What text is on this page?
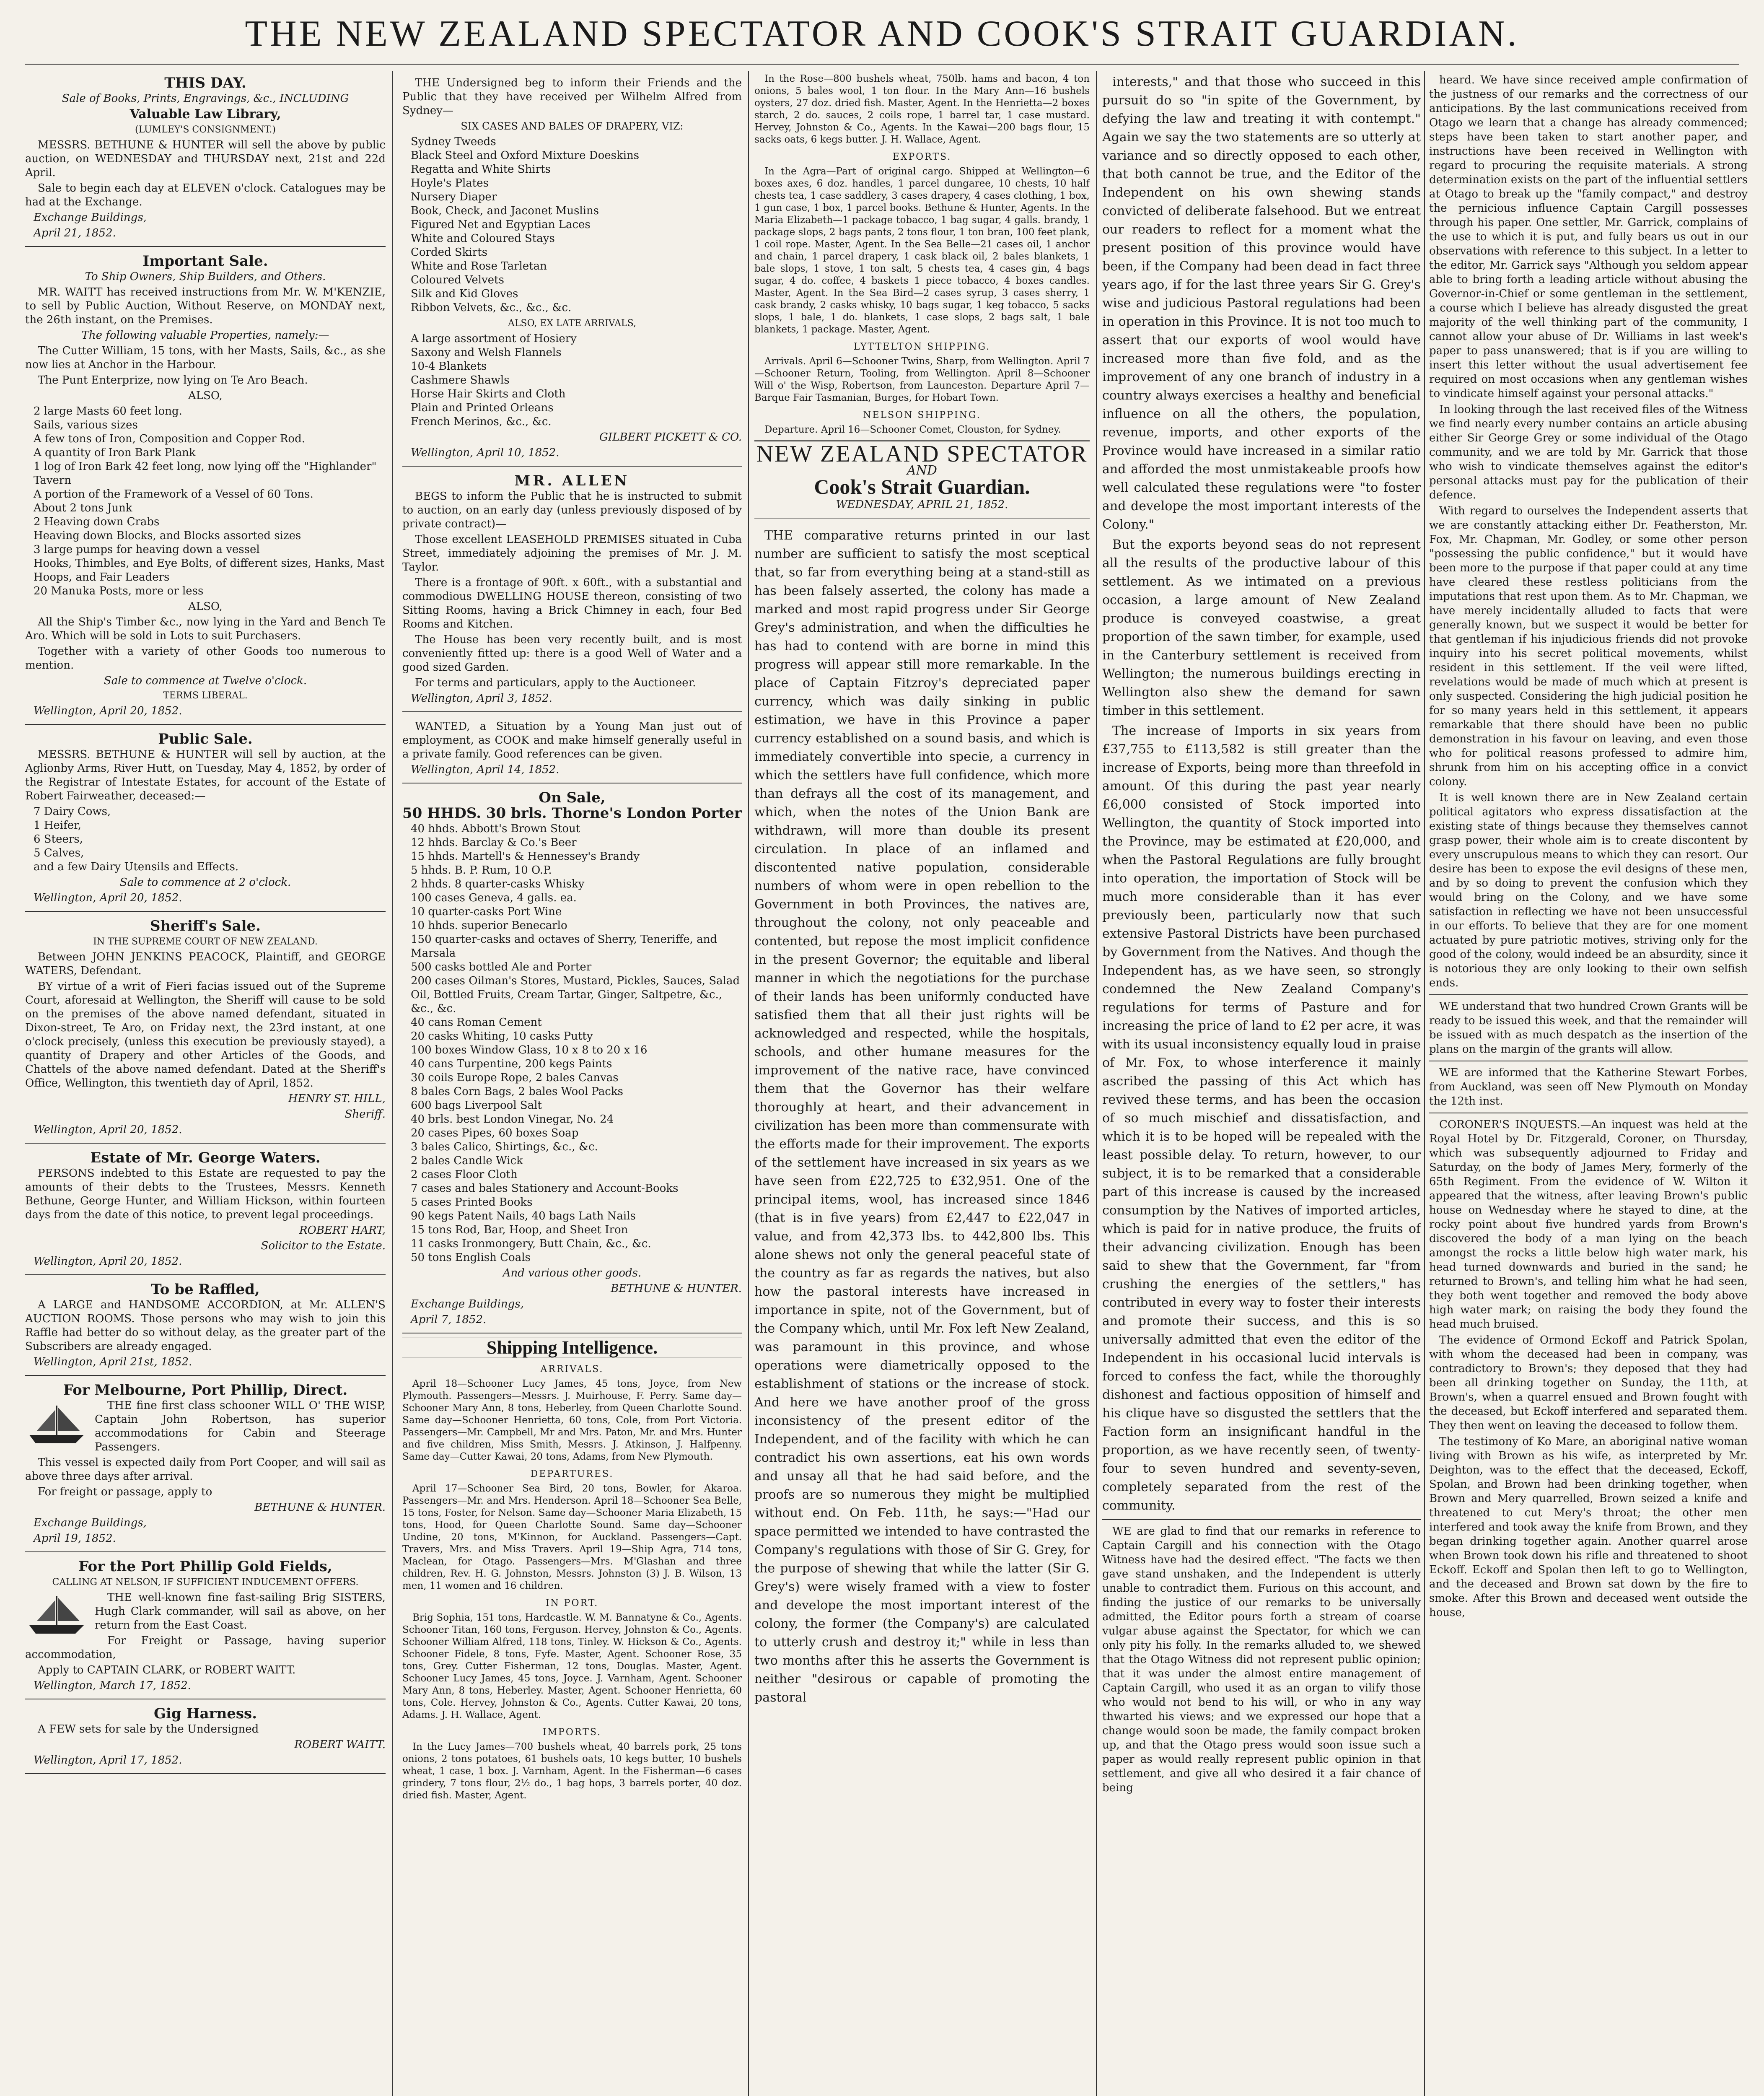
THE NEW ZEALAND SPECTATOR AND COOK'S STRAIT GUARDIAN.
THIS DAY.
Sale of Books, Prints, Engravings, &c., INCLUDING
Valuable Law Library,
(LUMLEY'S CONSIGNMENT.)

MESSRS. BETHUNE & HUNTER will sell the above by public auction, on WEDNESDAY and THURSDAY next, 21st and 22d April.

Sale to begin each day at ELEVEN o'clock. Catalogues may be had at the Exchange.

Exchange Buildings,
April 21, 1852.
Important Sale.
To Ship Owners, Ship Builders, and Others.

MR. WAITT has received instructions from Mr. W. M'KENZIE, to sell by Public Auction, Without Reserve, on MONDAY next, the 26th instant, on the Premises.

The following valuable Properties, namely:—

The Cutter William, 15 tons, with her Masts, Sails, &c., as she now lies at Anchor in the Harbour.

The Punt Enterprize, now lying on Te Aro Beach.

ALSO,
2 large Masts 60 feet long.
Sails, various sizes
A few tons of Iron, Composition and Copper Rod.
A quantity of Iron Bark Plank
1 log of Iron Bark 42 feet long, now lying off the "Highlander" Tavern
A portion of the Framework of a Vessel of 60 Tons.
About 2 tons Junk
2 Heaving down Crabs
Heaving down Blocks, and Blocks assorted sizes
3 large pumps for heaving down a vessel
Hooks, Thimbles, and Eye Bolts, of different sizes, Hanks, Mast Hoops, and Fair Leaders
20 Manuka Posts, more or less
ALSO,

All the Ship's Timber &c., now lying in the Yard and Bench Te Aro. Which will be sold in Lots to suit Purchasers.

Together with a variety of other Goods too numerous to mention.

Sale to commence at Twelve o'clock.
TERMS LIBERAL.
Wellington, April 20, 1852.
Public Sale.

MESSRS. BETHUNE & HUNTER will sell by auction, at the Aglionby Arms, River Hutt, on Tuesday, May 4, 1852, by order of the Registrar of Intestate Estates, for account of the Estate of Robert Fairweather, deceased:—

7 Dairy Cows,
1 Heifer,
6 Steers,
5 Calves,
and a few Dairy Utensils and Effects.
Sale to commence at 2 o'clock.
Wellington, April 20, 1852.
Sheriff's Sale.
IN THE SUPREME COURT OF NEW ZEALAND.

Between JOHN JENKINS PEACOCK, Plaintiff, and GEORGE WATERS, Defendant.

BY virtue of a writ of Fieri facias issued out of the Supreme Court, aforesaid at Wellington, the Sheriff will cause to be sold on the premises of the above named defendant, situated in Dixon-street, Te Aro, on Friday next, the 23rd instant, at one o'clock precisely, (unless this execution be previously stayed), a quantity of Drapery and other Articles of the Goods, and Chattels of the above named defendant. Dated at the Sheriff's Office, Wellington, this twentieth day of April, 1852.

HENRY ST. HILL,
Sheriff.
Wellington, April 20, 1852.
Estate of Mr. George Waters.

PERSONS indebted to this Estate are requested to pay the amounts of their debts to the Trustees, Messrs. Kenneth Bethune, George Hunter, and William Hickson, within fourteen days from the date of this notice, to prevent legal proceedings.

ROBERT HART,
Solicitor to the Estate.
Wellington, April 20, 1852.
To be Raffled,

A LARGE and HANDSOME ACCORDION, at Mr. ALLEN'S AUCTION ROOMS. Those persons who may wish to join this Raffle had better do so without delay, as the greater part of the Subscribers are already engaged.

Wellington, April 21st, 1852.
For Melbourne, Port Phillip, Direct.

THE fine first class schooner WILL O' THE WISP, Captain John Robertson, has superior accommodations for Cabin and Steerage Passengers.

This vessel is expected daily from Port Cooper, and will sail as above three days after arrival.

For freight or passage, apply to

BETHUNE & HUNTER.
Exchange Buildings,
April 19, 1852.
For the Port Phillip Gold Fields,
CALLING AT NELSON, IF SUFFICIENT INDUCEMENT OFFERS.

THE well-known fine fast-sailing Brig SISTERS, Hugh Clark commander, will sail as above, on her return from the East Coast.

For Freight or Passage, having superior accommodation,

Apply to CAPTAIN CLARK, or ROBERT WAITT.

Wellington, March 17, 1852.
Gig Harness.

A FEW sets for sale by the Undersigned

ROBERT WAITT.
Wellington, April 17, 1852.

THE Undersigned beg to inform their Friends and the Public that they have received per Wilhelm Alfred from Sydney—

SIX CASES AND BALES OF DRAPERY, VIZ:
Sydney Tweeds
Black Steel and Oxford Mixture Doeskins
Regatta and White Shirts
Hoyle's Plates
Nursery Diaper
Book, Check, and Jaconet Muslins
Figured Net and Egyptian Laces
White and Coloured Stays
Corded Skirts
White and Rose Tarletan
Coloured Velvets
Silk and Kid Gloves
Ribbon Velvets, &c., &c., &c.
ALSO, EX LATE ARRIVALS,
A large assortment of Hosiery
Saxony and Welsh Flannels
10-4 Blankets
Cashmere Shawls
Horse Hair Skirts and Cloth
Plain and Printed Orleans
French Merinos, &c., &c.
GILBERT PICKETT & CO.
Wellington, April 10, 1852.
MR. ALLEN

BEGS to inform the Public that he is instructed to submit to auction, on an early day (unless previously disposed of by private contract)—

Those excellent LEASEHOLD PREMISES situated in Cuba Street, immediately adjoining the premises of Mr. J. M. Taylor.

There is a frontage of 90ft. x 60ft., with a substantial and commodious DWELLING HOUSE thereon, consisting of two Sitting Rooms, having a Brick Chimney in each, four Bed Rooms and Kitchen.

The House has been very recently built, and is most conveniently fitted up: there is a good Well of Water and a good sized Garden.

For terms and particulars, apply to the Auctioneer.

Wellington, April 3, 1852.

WANTED, a Situation by a Young Man just out of employment, as COOK and make himself generally useful in a private family. Good references can be given.

Wellington, April 14, 1852.
On Sale,
50 HHDS. 30 brls. Thorne's London Porter
40 hhds. Abbott's Brown Stout
12 hhds. Barclay & Co.'s Beer
15 hhds. Martell's & Hennessey's Brandy
5 hhds. B. P. Rum, 10 O.P.
2 hhds. 8 quarter-casks Whisky
100 cases Geneva, 4 galls. ea.
10 quarter-casks Port Wine
10 hhds. superior Benecarlo
150 quarter-casks and octaves of Sherry, Teneriffe, and Marsala
500 casks bottled Ale and Porter
200 cases Oilman's Stores, Mustard, Pickles, Sauces, Salad Oil, Bottled Fruits, Cream Tartar, Ginger, Saltpetre, &c., &c., &c.
40 cans Roman Cement
20 casks Whiting, 10 casks Putty
100 boxes Window Glass, 10 x 8 to 20 x 16
40 cans Turpentine, 200 kegs Paints
30 coils Europe Rope, 2 bales Canvas
8 bales Corn Bags, 2 bales Wool Packs
600 bags Liverpool Salt
40 brls. best London Vinegar, No. 24
20 cases Pipes, 60 boxes Soap
3 bales Calico, Shirtings, &c., &c.
2 bales Candle Wick
2 cases Floor Cloth
7 cases and bales Stationery and Account-Books
5 cases Printed Books
90 kegs Patent Nails, 40 bags Lath Nails
15 tons Rod, Bar, Hoop, and Sheet Iron
11 casks Ironmongery, Butt Chain, &c., &c.
50 tons English Coals
And various other goods.
BETHUNE & HUNTER.
Exchange Buildings,
April 7, 1852.
Shipping Intelligence.
ARRIVALS.
April 18—Schooner Lucy James, 45 tons, Joyce, from New Plymouth. Passengers—Messrs. J. Muirhouse, F. Perry. Same day—Schooner Mary Ann, 8 tons, Heberley, from Queen Charlotte Sound. Same day—Schooner Henrietta, 60 tons, Cole, from Port Victoria. Passengers—Mr. Campbell, Mr and Mrs. Paton, Mr. and Mrs. Hunter and five children, Miss Smith, Messrs. J. Atkinson, J. Halfpenny. Same day—Cutter Kawai, 20 tons, Adams, from New Plymouth.
DEPARTURES.
April 17—Schooner Sea Bird, 20 tons, Bowler, for Akaroa. Passengers—Mr. and Mrs. Henderson. April 18—Schooner Sea Belle, 15 tons, Foster, for Nelson. Same day—Schooner Maria Elizabeth, 15 tons, Hood, for Queen Charlotte Sound. Same day—Schooner Undine, 20 tons, M'Kinnon, for Auckland. Passengers—Capt. Travers, Mrs. and Miss Travers. April 19—Ship Agra, 714 tons, Maclean, for Otago. Passengers—Mrs. M'Glashan and three children, Rev. H. G. Johnston, Messrs. Johnston (3) J. B. Wilson, 13 men, 11 women and 16 children.
IN PORT.
Brig Sophia, 151 tons, Hardcastle. W. M. Bannatyne & Co., Agents. Schooner Titan, 160 tons, Ferguson. Hervey, Johnston & Co., Agents. Schooner William Alfred, 118 tons, Tinley. W. Hickson & Co., Agents. Schooner Fidele, 8 tons, Fyfe. Master, Agent. Schooner Rose, 35 tons, Grey. Cutter Fisherman, 12 tons, Douglas. Master, Agent. Schooner Lucy James, 45 tons, Joyce. J. Varnham, Agent. Schooner Mary Ann, 8 tons, Heberley. Master, Agent. Schooner Henrietta, 60 tons, Cole. Hervey, Johnston & Co., Agents. Cutter Kawai, 20 tons, Adams. J. H. Wallace, Agent.
IMPORTS.
In the Lucy James—700 bushels wheat, 40 barrels pork, 25 tons onions, 2 tons potatoes, 61 bushels oats, 10 kegs butter, 10 bushels wheat, 1 case, 1 box. J. Varnham, Agent. In the Fisherman—6 cases grindery, 7 tons flour, 2½ do., 1 bag hops, 3 barrels porter, 40 doz. dried fish. Master, Agent.
In the Rose—800 bushels wheat, 750lb. hams and bacon, 4 ton onions, 5 bales wool, 1 ton flour. In the Mary Ann—16 bushels oysters, 27 doz. dried fish. Master, Agent. In the Henrietta—2 boxes starch, 2 do. sauces, 2 coils rope, 1 barrel tar, 1 case mustard. Hervey, Johnston & Co., Agents. In the Kawai—200 bags flour, 15 sacks oats, 6 kegs butter. J. H. Wallace, Agent.
EXPORTS.
In the Agra—Part of original cargo. Shipped at Wellington—6 boxes axes, 6 doz. handles, 1 parcel dungaree, 10 chests, 10 half chests tea, 1 case saddlery, 3 cases drapery, 4 cases clothing, 1 box, 1 gun case, 1 box, 1 parcel books. Bethune & Hunter, Agents. In the Maria Elizabeth—1 package tobacco, 1 bag sugar, 4 galls. brandy, 1 package slops, 2 bags pants, 2 tons flour, 1 ton bran, 100 feet plank, 1 coil rope. Master, Agent. In the Sea Belle—21 cases oil, 1 anchor and chain, 1 parcel drapery, 1 cask black oil, 2 bales blankets, 1 bale slops, 1 stove, 1 ton salt, 5 chests tea, 4 cases gin, 4 bags sugar, 4 do. coffee, 4 baskets 1 piece tobacco, 4 boxes candles. Master, Agent. In the Sea Bird—2 cases syrup, 3 cases sherry, 1 cask brandy, 2 casks whisky, 10 bags sugar, 1 keg tobacco, 5 sacks slops, 1 bale, 1 do. blankets, 1 case slops, 2 bags salt, 1 bale blankets, 1 package. Master, Agent.
LYTTELTON SHIPPING.
Arrivals. April 6—Schooner Twins, Sharp, from Wellington. April 7—Schooner Return, Tooling, from Wellington. April 8—Schooner Will o' the Wisp, Robertson, from Launceston. Departure April 7—Barque Fair Tasmanian, Burges, for Hobart Town.
NELSON SHIPPING.
Departure. April 16—Schooner Comet, Clouston, for Sydney.
NEW ZEALAND SPECTATOR
AND
Cook's Strait Guardian.
WEDNESDAY, APRIL 21, 1852.
THE comparative returns printed in our last number are sufficient to satisfy the most sceptical that, so far from everything being at a stand-still as has been falsely asserted, the colony has made a marked and most rapid progress under Sir George Grey's administration, and when the difficulties he has had to contend with are borne in mind this progress will appear still more remarkable. In the place of Captain Fitzroy's depreciated paper currency, which was daily sinking in public estimation, we have in this Province a paper currency established on a sound basis, and which is immediately convertible into specie, a currency in which the settlers have full confidence, which more than defrays all the cost of its management, and which, when the notes of the Union Bank are withdrawn, will more than double its present circulation. In place of an inflamed and discontented native population, considerable numbers of whom were in open rebellion to the Government in both Provinces, the natives are, throughout the colony, not only peaceable and contented, but repose the most implicit confidence in the present Governor; the equitable and liberal manner in which the negotiations for the purchase of their lands has been uniformly conducted have satisfied them that all their just rights will be acknowledged and respected, while the hospitals, schools, and other humane measures for the improvement of the native race, have convinced them that the Governor has their welfare thoroughly at heart, and their advancement in civilization has been more than commensurate with the efforts made for their improvement. The exports of the settlement have increased in six years as we have seen from £22,725 to £32,951. One of the principal items, wool, has increased since 1846 (that is in five years) from £2,447 to £22,047 in value, and from 42,373 lbs. to 442,800 lbs. This alone shews not only the general peaceful state of the country as far as regards the natives, but also how the pastoral interests have increased in importance in spite, not of the Government, but of the Company which, until Mr. Fox left New Zealand, was paramount in this province, and whose operations were diametrically opposed to the establishment of stations or the increase of stock. And here we have another proof of the gross inconsistency of the present editor of the Independent, and of the facility with which he can contradict his own assertions, eat his own words and unsay all that he had said before, and the proofs are so numerous they might be multiplied without end. On Feb. 11th, he says:—"Had our space permitted we intended to have contrasted the Company's regulations with those of Sir G. Grey, for the purpose of shewing that while the latter (Sir G. Grey's) were wisely framed with a view to foster and develope the most important interest of the colony, the former (the Company's) are calculated to utterly crush and destroy it;" while in less than two months after this he asserts the Government is neither "desirous or capable of promoting the pastoral
interests," and that those who succeed in this pursuit do so "in spite of the Government, by defying the law and treating it with contempt." Again we say the two statements are so utterly at variance and so directly opposed to each other, that both cannot be true, and the Editor of the Independent on his own shewing stands convicted of deliberate falsehood. But we entreat our readers to reflect for a moment what the present position of this province would have been, if the Company had been dead in fact three years ago, if for the last three years Sir G. Grey's wise and judicious Pastoral regulations had been in operation in this Province. It is not too much to assert that our exports of wool would have increased more than five fold, and as the improvement of any one branch of industry in a country always exercises a healthy and beneficial influence on all the others, the population, revenue, imports, and other exports of the Province would have increased in a similar ratio and afforded the most unmistakeable proofs how well calculated these regulations were "to foster and develope the most important interests of the Colony."
But the exports beyond seas do not represent all the results of the productive labour of this settlement. As we intimated on a previous occasion, a large amount of New Zealand produce is conveyed coastwise, a great proportion of the sawn timber, for example, used in the Canterbury settlement is received from Wellington; the numerous buildings erecting in Wellington also shew the demand for sawn timber in this settlement.
The increase of Imports in six years from £37,755 to £113,582 is still greater than the increase of Exports, being more than threefold in amount. Of this during the past year nearly £6,000 consisted of Stock imported into Wellington, the quantity of Stock imported into the Province, may be estimated at £20,000, and when the Pastoral Regulations are fully brought into operation, the importation of Stock will be much more considerable than it has ever previously been, particularly now that such extensive Pastoral Districts have been purchased by Government from the Natives. And though the Independent has, as we have seen, so strongly condemned the New Zealand Company's regulations for terms of Pasture and for increasing the price of land to £2 per acre, it was with its usual inconsistency equally loud in praise of Mr. Fox, to whose interference it mainly ascribed the passing of this Act which has revived these terms, and has been the occasion of so much mischief and dissatisfaction, and which it is to be hoped will be repealed with the least possible delay. To return, however, to our subject, it is to be remarked that a considerable part of this increase is caused by the increased consumption by the Natives of imported articles, which is paid for in native produce, the fruits of their advancing civilization. Enough has been said to shew that the Government, far "from crushing the energies of the settlers," has contributed in every way to foster their interests and promote their success, and this is so universally admitted that even the editor of the Independent in his occasional lucid intervals is forced to confess the fact, while the thoroughly dishonest and factious opposition of himself and his clique have so disgusted the settlers that the Faction form an insignificant handful in the proportion, as we have recently seen, of twenty-four to seven hundred and seventy-seven, completely separated from the rest of the community.
WE are glad to find that our remarks in reference to Captain Cargill and his connection with the Otago Witness have had the desired effect. "The facts we then gave stand unshaken, and the Independent is utterly unable to contradict them. Furious on this account, and finding the justice of our remarks to be universally admitted, the Editor pours forth a stream of coarse vulgar abuse against the Spectator, for which we can only pity his folly. In the remarks alluded to, we shewed that the Otago Witness did not represent public opinion; that it was under the almost entire management of Captain Cargill, who used it as an organ to vilify those who would not bend to his will, or who in any way thwarted his views; and we expressed our hope that a change would soon be made, the family compact broken up, and that the Otago press would soon issue such a paper as would really represent public opinion in that settlement, and give all who desired it a fair chance of being
heard. We have since received ample confirmation of the justness of our remarks and the correctness of our anticipations. By the last communications received from Otago we learn that a change has already commenced; steps have been taken to start another paper, and instructions have been received in Wellington with regard to procuring the requisite materials. A strong determination exists on the part of the influential settlers at Otago to break up the "family compact," and destroy the pernicious influence Captain Cargill possesses through his paper. One settler, Mr. Garrick, complains of the use to which it is put, and fully bears us out in our observations with reference to this subject. In a letter to the editor, Mr. Garrick says "Although you seldom appear able to bring forth a leading article without abusing the Governor-in-Chief or some gentleman in the settlement, a course which I believe has already disgusted the great majority of the well thinking part of the community, I cannot allow your abuse of Dr. Williams in last week's paper to pass unanswered; that is if you are willing to insert this letter without the usual advertisement fee required on most occasions when any gentleman wishes to vindicate himself against your personal attacks."
In looking through the last received files of the Witness we find nearly every number contains an article abusing either Sir George Grey or some individual of the Otago community, and we are told by Mr. Garrick that those who wish to vindicate themselves against the editor's personal attacks must pay for the publication of their defence.
With regard to ourselves the Independent asserts that we are constantly attacking either Dr. Featherston, Mr. Fox, Mr. Chapman, Mr. Godley, or some other person "possessing the public confidence," but it would have been more to the purpose if that paper could at any time have cleared these restless politicians from the imputations that rest upon them. As to Mr. Chapman, we have merely incidentally alluded to facts that were generally known, but we suspect it would be better for that gentleman if his injudicious friends did not provoke inquiry into his secret political movements, whilst resident in this settlement. If the veil were lifted, revelations would be made of much which at present is only suspected. Considering the high judicial position he for so many years held in this settlement, it appears remarkable that there should have been no public demonstration in his favour on leaving, and even those who for political reasons professed to admire him, shrunk from him on his accepting office in a convict colony.
It is well known there are in New Zealand certain political agitators who express dissatisfaction at the existing state of things because they themselves cannot grasp power, their whole aim is to create discontent by every unscrupulous means to which they can resort. Our desire has been to expose the evil designs of these men, and by so doing to prevent the confusion which they would bring on the Colony, and we have some satisfaction in reflecting we have not been unsuccessful in our efforts. To believe that they are for one moment actuated by pure patriotic motives, striving only for the good of the colony, would indeed be an absurdity, since it is notorious they are only looking to their own selfish ends.
WE understand that two hundred Crown Grants will be ready to be issued this week, and that the remainder will be issued with as much despatch as the insertion of the plans on the margin of the grants will allow.
WE are informed that the Katherine Stewart Forbes, from Auckland, was seen off New Plymouth on Monday the 12th inst.
CORONER'S INQUESTS.—An inquest was held at the Royal Hotel by Dr. Fitzgerald, Coroner, on Thursday, which was subsequently adjourned to Friday and Saturday, on the body of James Mery, formerly of the 65th Regiment. From the evidence of W. Wilton it appeared that the witness, after leaving Brown's public house on Wednesday where he stayed to dine, at the rocky point about five hundred yards from Brown's discovered the body of a man lying on the beach amongst the rocks a little below high water mark, his head turned downwards and buried in the sand; he returned to Brown's, and telling him what he had seen, they both went together and removed the body above high water mark; on raising the body they found the head much bruised.
The evidence of Ormond Eckoff and Patrick Spolan, with whom the deceased had been in company, was contradictory to Brown's; they deposed that they had been all drinking together on Sunday, the 11th, at Brown's, when a quarrel ensued and Brown fought with the deceased, but Eckoff interfered and separated them. They then went on leaving the deceased to follow them.
The testimony of Ko Mare, an aboriginal native woman living with Brown as his wife, as interpreted by Mr. Deighton, was to the effect that the deceased, Eckoff, Spolan, and Brown had been drinking together, when Brown and Mery quarrelled, Brown seized a knife and threatened to cut Mery's throat; the other men interfered and took away the knife from Brown, and they began drinking together again. Another quarrel arose when Brown took down his rifle and threatened to shoot Eckoff. Eckoff and Spolan then left to go to Wellington, and the deceased and Brown sat down by the fire to smoke. After this Brown and deceased went outside the house,
